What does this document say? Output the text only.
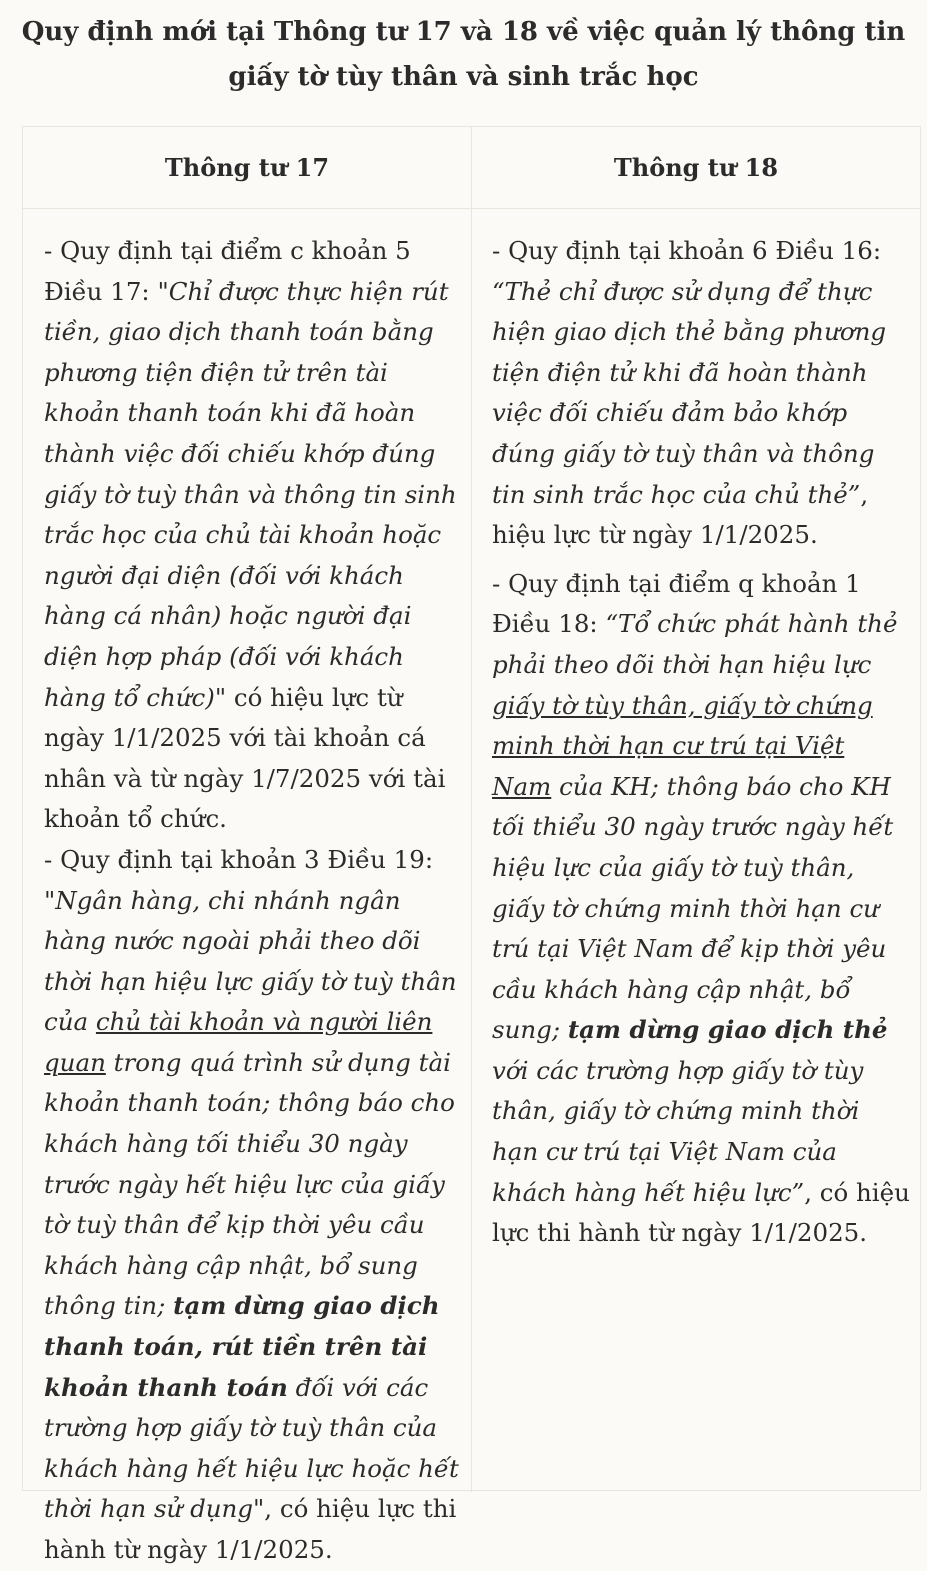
Quy định mới tại Thông tư 17 và 18 về việc quản lý thông tin giấy tờ tùy thân và sinh trắc học
Thông tư 17	Thông tư 18

- Quy định tại điểm c khoản 5 Điều 17: "Chỉ được thực hiện rút tiền, giao dịch thanh toán bằng phương tiện điện tử trên tài khoản thanh toán khi đã hoàn thành việc đối chiếu khớp đúng giấy tờ tuỳ thân và thông tin sinh trắc học của chủ tài khoản hoặc người đại diện (đối với khách hàng cá nhân) hoặc người đại diện hợp pháp (đối với khách hàng tổ chức)" có hiệu lực từ ngày 1/1/2025 với tài khoản cá nhân và từ ngày 1/7/2025 với tài khoản tổ chức.

- Quy định tại khoản 3 Điều 19: "Ngân hàng, chi nhánh ngân hàng nước ngoài phải theo dõi thời hạn hiệu lực giấy tờ tuỳ thân của chủ tài khoản và người liên quan trong quá trình sử dụng tài khoản thanh toán; thông báo cho khách hàng tối thiểu 30 ngày trước ngày hết hiệu lực của giấy tờ tuỳ thân để kịp thời yêu cầu khách hàng cập nhật, bổ sung thông tin; tạm dừng giao dịch thanh toán, rút tiền trên tài khoản thanh toán đối với các trường hợp giấy tờ tuỳ thân của khách hàng hết hiệu lực hoặc hết thời hạn sử dụng", có hiệu lực thi hành từ ngày 1/1/2025.

- Quy định tại khoản 6 Điều 16: “Thẻ chỉ được sử dụng để thực hiện giao dịch thẻ bằng phương tiện điện tử khi đã hoàn thành việc đối chiếu đảm bảo khớp đúng giấy tờ tuỳ thân và thông tin sinh trắc học của chủ thẻ”, hiệu lực từ ngày 1/1/2025.

- Quy định tại điểm q khoản 1 Điều 18: “Tổ chức phát hành thẻ phải theo dõi thời hạn hiệu lực giấy tờ tùy thân, giấy tờ chứng minh thời hạn cư trú tại Việt Nam của KH; thông báo cho KH tối thiểu 30 ngày trước ngày hết hiệu lực của giấy tờ tuỳ thân, giấy tờ chứng minh thời hạn cư trú tại Việt Nam để kịp thời yêu cầu khách hàng cập nhật, bổ sung; tạm dừng giao dịch thẻ với các trường hợp giấy tờ tùy thân, giấy tờ chứng minh thời hạn cư trú tại Việt Nam của khách hàng hết hiệu lực”, có hiệu lực thi hành từ ngày 1/1/2025.
